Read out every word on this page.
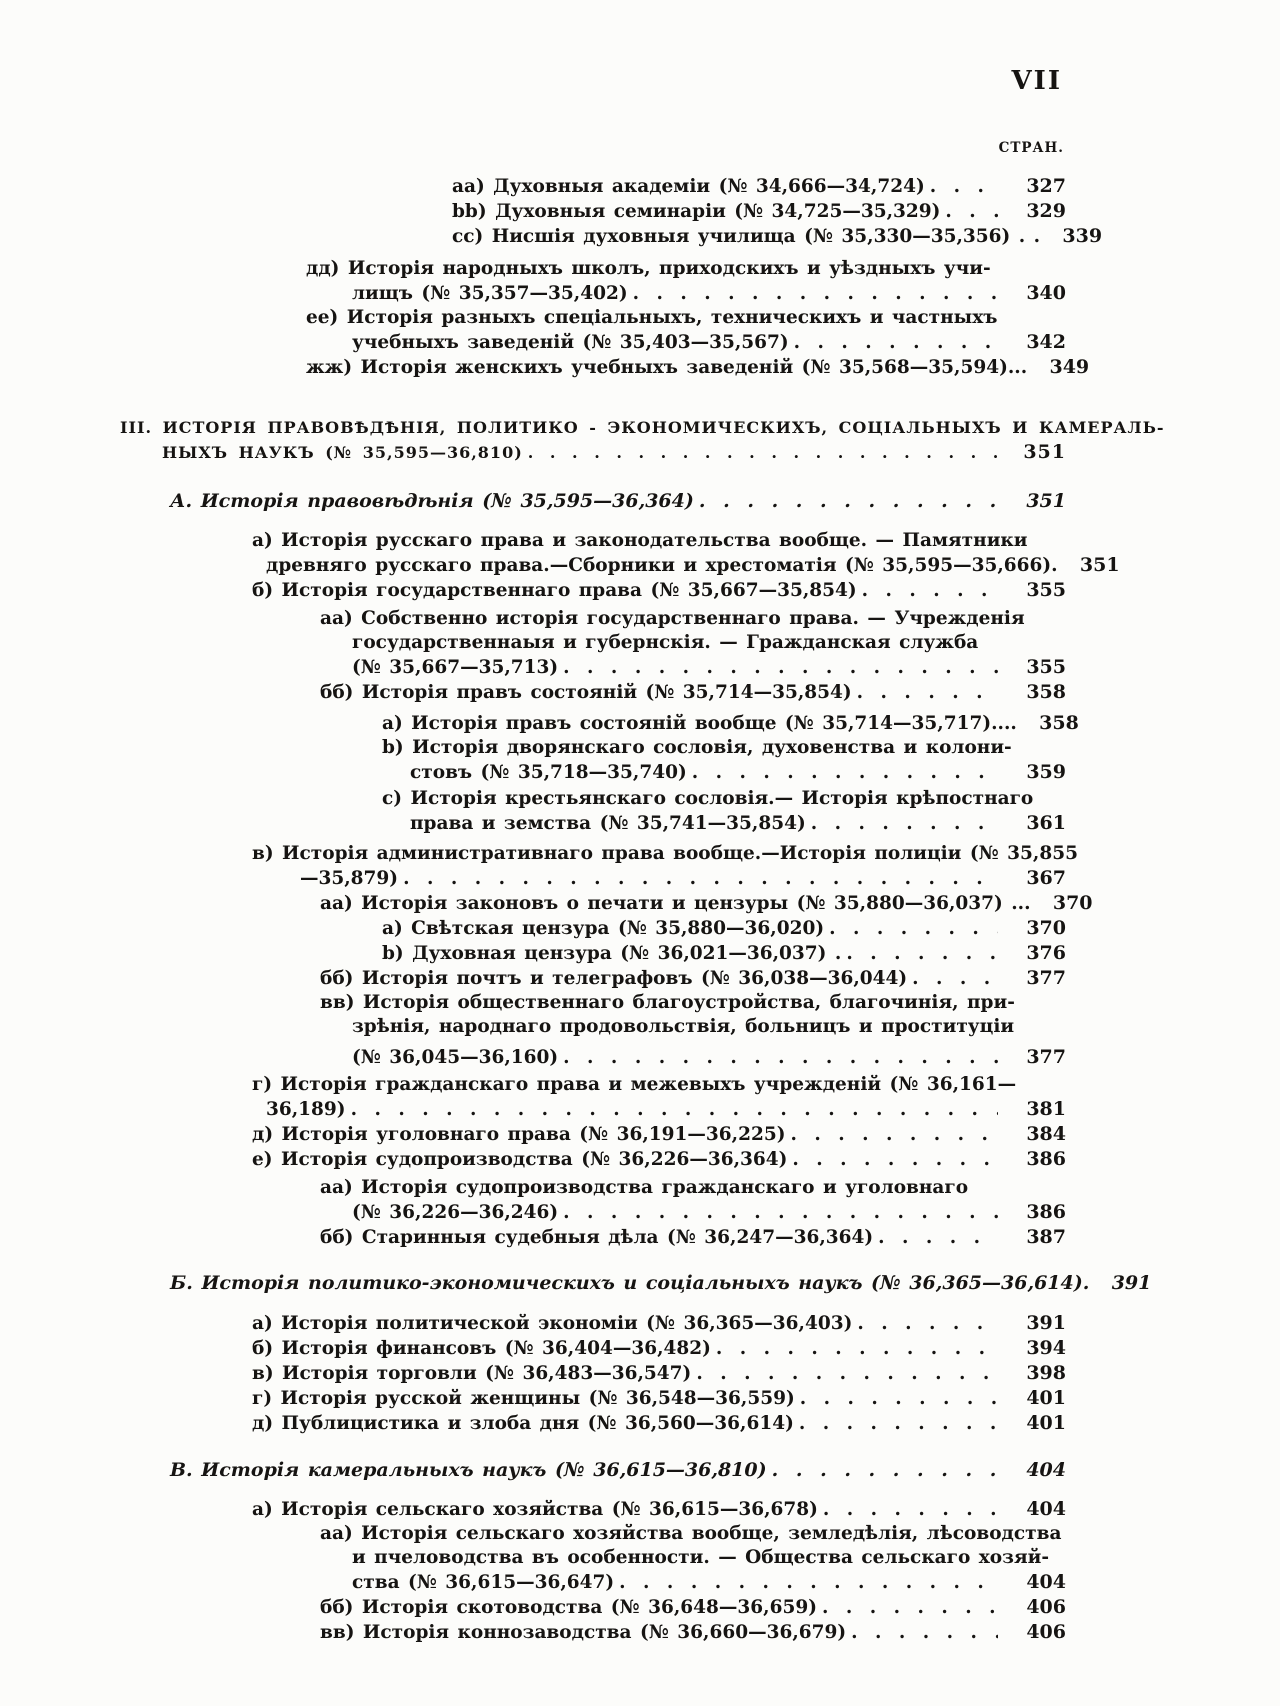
VII
СТРАН.
aa) Духовныя академіи (№ 34,666—34,724) . . .	327
bb) Духовныя семинаріи (№ 34,725—35,329) . . .	329
cc) Нисшія духовныя училища (№ 35,330—35,356) . .	339
дд) Исторія народныхъ школъ, приходскихъ и уѣздныхъ учи-
лищъ (№ 35,357—35,402) . . .	340
ее) Исторія разныхъ спеціальныхъ, техническихъ и частныхъ
учебныхъ заведеній (№ 35,403—35,567) . . .	342
жж) Исторія женскихъ учебныхъ заведеній (№ 35,568—35,594)...	349
III. ИСТОРІЯ ПРАВОВѢДѢНІЯ, ПОЛИТИКО - ЭКОНОМИЧЕСКИХЪ, СОЦІАЛЬНЫХЪ И КАМЕРАЛЬ-
НЫХЪ НАУКЪ (№ 35,595—36,810) . . .	351
А. Исторія правовѣдѣнія (№ 35,595—36,364) . . .	351
а) Исторія русскаго права и законодательства вообще. — Памятники
древняго русскаго права.—Сборники и хрестоматія (№ 35,595—35,666).	351
б) Исторія государственнаго права (№ 35,667—35,854) . . .	355
аа) Собственно исторія государственнаго права. — Учрежденія
государственнаыя и губернскія. — Гражданская служба
(№ 35,667—35,713) . . .	355
бб) Исторія правъ состояній (№ 35,714—35,854) . . .	358
a) Исторія правъ состояній вообще (№ 35,714—35,717)....	358
b) Исторія дворянскаго сословія, духовенства и колони-
стовъ (№ 35,718—35,740) . . .	359
c) Исторія крестьянскаго сословія.— Исторія крѣпостнаго
права и земства (№ 35,741—35,854) . . .	361
в) Исторія административнаго права вообще.—Исторія полиціи (№ 35,855
—35,879) . . .	367
аа) Исторія законовъ о печати и цензуры (№ 35,880—36,037) ...	370
a) Свѣтская цензура (№ 35,880—36,020) . . .	370
b) Духовная цензура (№ 36,021—36,037) . . . .	376
бб) Исторія почтъ и телеграфовъ (№ 36,038—36,044) . . .	377
вв) Исторія общественнаго благоустройства, благочинія, при-
зрѣнія, народнаго продовольствія, больницъ и проституціи
(№ 36,045—36,160) . . .	377
г) Исторія гражданскаго права и межевыхъ учрежденій (№ 36,161—
36,189) . . .	381
д) Исторія уголовнаго права (№ 36,191—36,225) . . .	384
е) Исторія судопроизводства (№ 36,226—36,364) . . .	386
аа) Исторія судопроизводства гражданскаго и уголовнаго
(№ 36,226—36,246) . . .	386
бб) Старинныя судебныя дѣла (№ 36,247—36,364) . . .	387
Б. Исторія политико-экономическихъ и соціальныхъ наукъ (№ 36,365—36,614).	391
а) Исторія политической экономіи (№ 36,365—36,403) . . .	391
б) Исторія финансовъ (№ 36,404—36,482) . . .	394
в) Исторія торговли (№ 36,483—36,547) . . .	398
г) Исторія русской женщины (№ 36,548—36,559) . . .	401
д) Публицистика и злоба дня (№ 36,560—36,614) . . .	401
В. Исторія камеральныхъ наукъ (№ 36,615—36,810) . . .	404
а) Исторія сельскаго хозяйства (№ 36,615—36,678) . . .	404
аа) Исторія сельскаго хозяйства вообще, земледѣлія, лѣсоводства
и пчеловодства въ особенности. — Общества сельскаго хозяй-
ства (№ 36,615—36,647) . . .	404
бб) Исторія скотоводства (№ 36,648—36,659) . . .	406
вв) Исторія коннозаводства (№ 36,660—36,679) . . .	406
